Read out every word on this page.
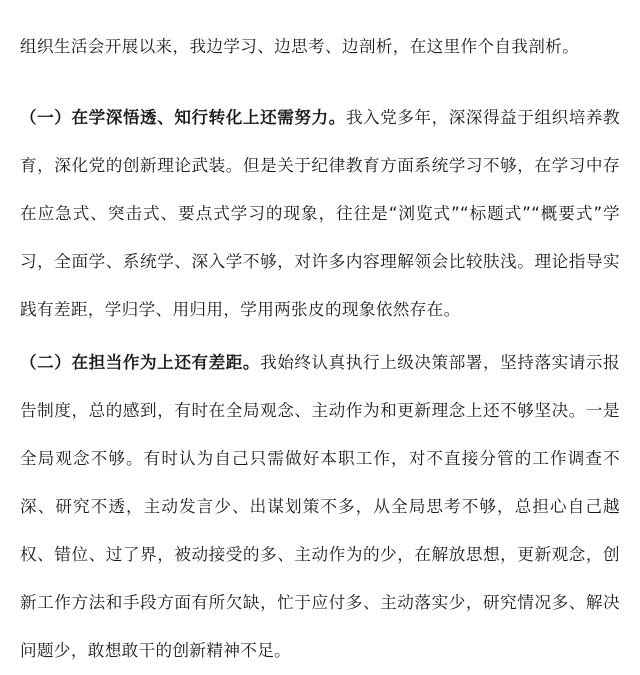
组织生活会开展以来，我边学习、边思考、边剖析，在这里作个自我剖析。

（一）在学深悟透、知行转化上还需努力。我入党多年，深深得益于组织培养教育，深化党的创新理论武装。但是关于纪律教育方面系统学习不够，在学习中存在应急式、突击式、要点式学习的现象，往往是“浏览式”“标题式”“概要式”学习，全面学、系统学、深入学不够，对许多内容理解领会比较肤浅。理论指导实践有差距，学归学、用归用，学用两张皮的现象依然存在。

（二）在担当作为上还有差距。我始终认真执行上级决策部署，坚持落实请示报告制度，总的感到，有时在全局观念、主动作为和更新理念上还不够坚决。一是全局观念不够。有时认为自己只需做好本职工作，对不直接分管的工作调查不深、研究不透，主动发言少、出谋划策不多，从全局思考不够，总担心自己越权、错位、过了界，被动接受的多、主动作为的少，在解放思想，更新观念，创新工作方法和手段方面有所欠缺，忙于应付多、主动落实少，研究情况多、解决问题少，敢想敢干的创新精神不足。
